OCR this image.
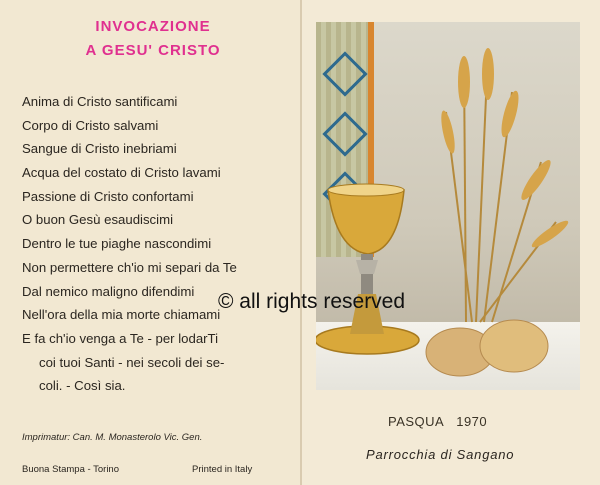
INVOCAZIONE
A GESU' CRISTO
Anima di Cristo santificami
Corpo di Cristo salvami
Sangue di Cristo inebriami
Acqua del costato di Cristo lavami
Passione di Cristo confortami
O buon Gesù esaudiscimi
Dentro le tue piaghe nascondimi
Non permettere ch'io mi separi da Te
Dal nemico maligno difendimi
Nell'ora della mia morte chiamami
E fa ch'io venga a Te - per lodarTi
coi tuoi Santi - nei secoli dei se-
coli. - Così sia.
Imprimatur: Can. M. Monasterolo Vic. Gen.
Buona Stampa - Torino	Printed in Italy
PASQUA 1970
Parrocchia di Sangano
© all rights reserved
